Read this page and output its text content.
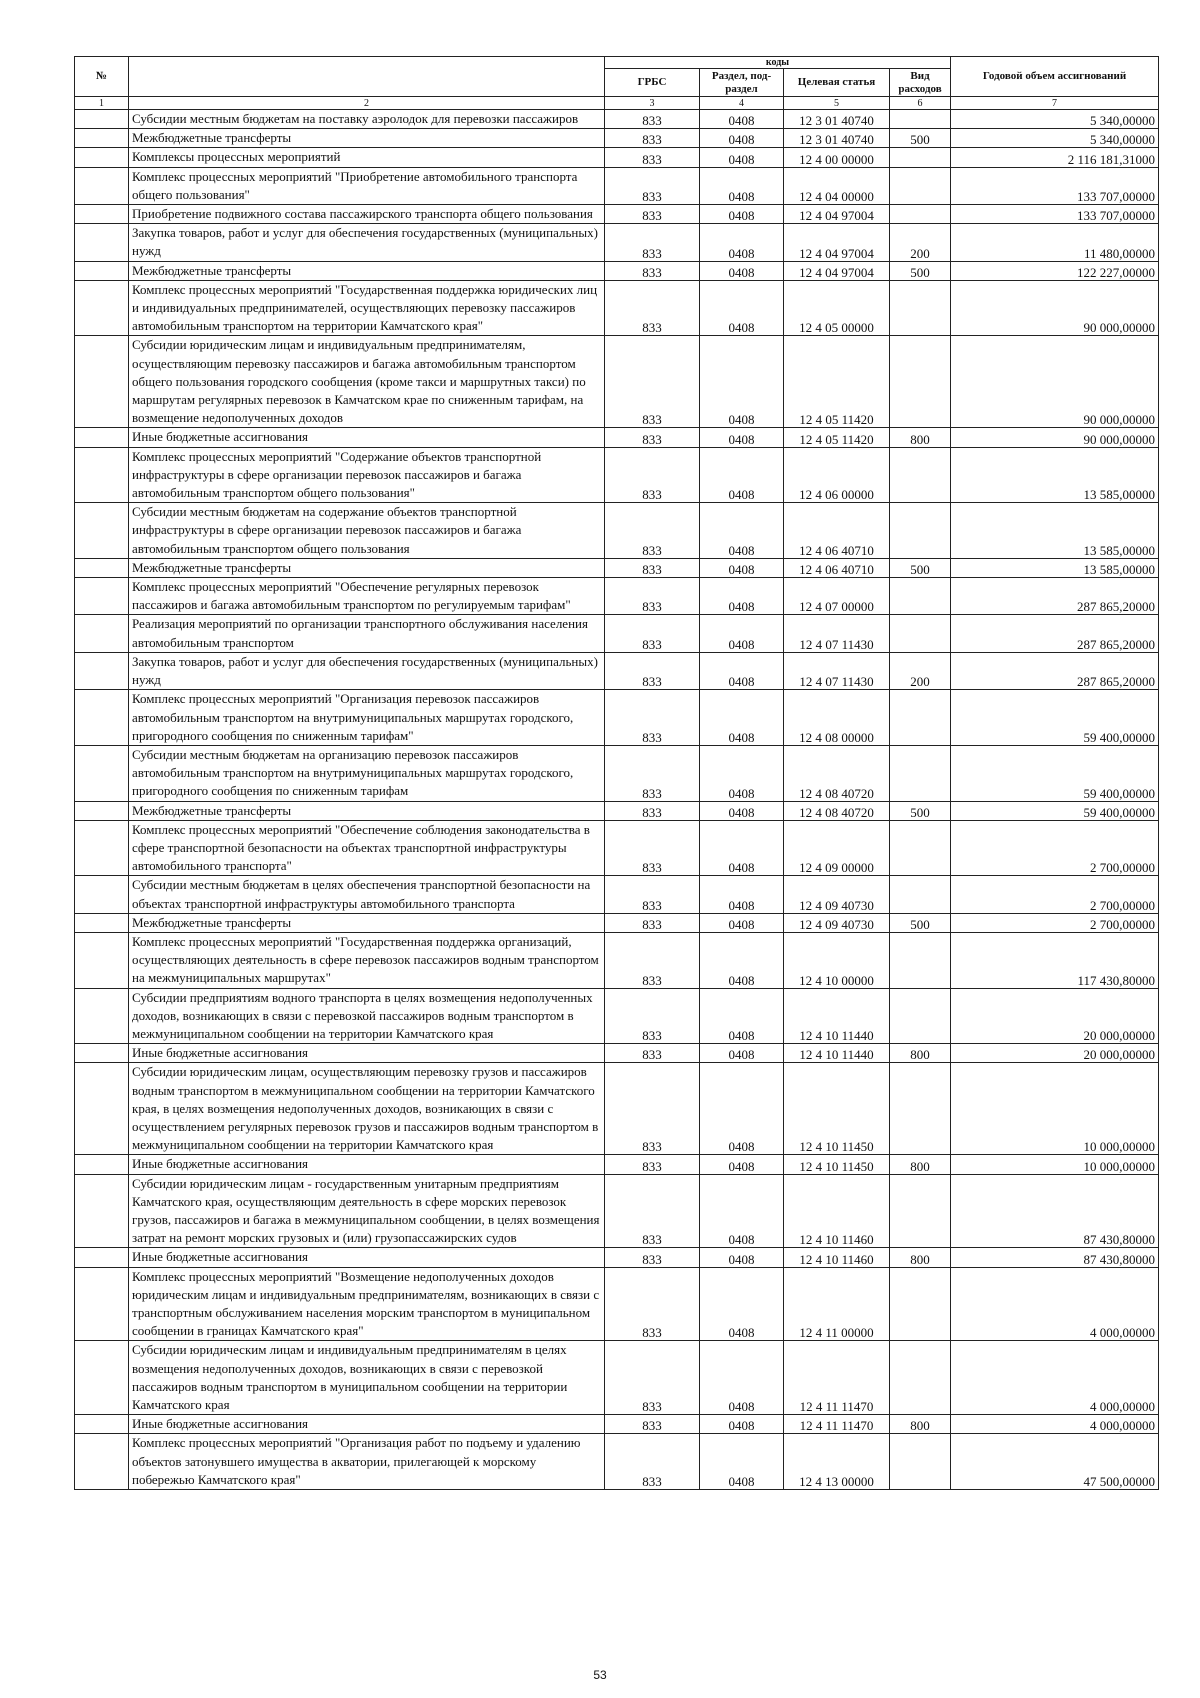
№		коды				Годовой объем ассигнований
		ГРБС	Раздел, под-раздел	Целевая статья	Вид расходов	
1	2	3	4	5	6	7
	Субсидии местным бюджетам на поставку аэролодок для перевозки пассажиров	833	0408	12 3 01 40740		5 340,00000
	Межбюджетные трансферты	833	0408	12 3 01 40740	500	5 340,00000
	Комплексы процессных мероприятий	833	0408	12 4 00 00000		2 116 181,31000
	Комплекс процессных мероприятий "Приобретение автомобильного транспорта общего пользования"	833	0408	12 4 04 00000		133 707,00000
	Приобретение подвижного состава пассажирского транспорта общего пользования	833	0408	12 4 04 97004		133 707,00000
	Закупка товаров, работ и услуг для обеспечения государственных (муниципальных) нужд	833	0408	12 4 04 97004	200	11 480,00000
	Межбюджетные трансферты	833	0408	12 4 04 97004	500	122 227,00000
	Комплекс процессных мероприятий "Государственная поддержка юридических лиц и индивидуальных предпринимателей, осуществляющих перевозку пассажиров автомобильным транспортом на территории Камчатского края"	833	0408	12 4 05 00000		90 000,00000
	Субсидии юридическим лицам и индивидуальным предпринимателям, осуществляющим перевозку пассажиров и багажа автомобильным транспортом общего пользования городского сообщения (кроме такси и маршрутных такси) по маршрутам регулярных перевозок в Камчатском крае по сниженным тарифам, на возмещение недополученных доходов	833	0408	12 4 05 11420		90 000,00000
	Иные бюджетные ассигнования	833	0408	12 4 05 11420	800	90 000,00000
	Комплекс процессных мероприятий "Содержание объектов транспортной инфраструктуры в сфере организации перевозок пассажиров и багажа автомобильным транспортом общего пользования"	833	0408	12 4 06 00000		13 585,00000
	Субсидии местным бюджетам на содержание объектов транспортной инфраструктуры в сфере организации перевозок пассажиров и багажа автомобильным транспортом общего пользования	833	0408	12 4 06 40710		13 585,00000
	Межбюджетные трансферты	833	0408	12 4 06 40710	500	13 585,00000
	Комплекс процессных мероприятий "Обеспечение регулярных перевозок пассажиров и багажа автомобильным транспортом по регулируемым тарифам"	833	0408	12 4 07 00000		287 865,20000
	Реализация мероприятий по организации транспортного обслуживания населения автомобильным транспортом	833	0408	12 4 07 11430		287 865,20000
	Закупка товаров, работ и услуг для обеспечения государственных (муниципальных) нужд	833	0408	12 4 07 11430	200	287 865,20000
	Комплекс процессных мероприятий "Организация перевозок пассажиров автомобильным транспортом на внутримуниципальных маршрутах городского, пригородного сообщения по сниженным тарифам"	833	0408	12 4 08 00000		59 400,00000
	Субсидии местным бюджетам на организацию перевозок пассажиров автомобильным транспортом на внутримуниципальных маршрутах городского, пригородного сообщения по сниженным тарифам	833	0408	12 4 08 40720		59 400,00000
	Межбюджетные трансферты	833	0408	12 4 08 40720	500	59 400,00000
	Комплекс процессных мероприятий "Обеспечение соблюдения законодательства в сфере транспортной безопасности на объектах транспортной инфраструктуры автомобильного транспорта"	833	0408	12 4 09 00000		2 700,00000
	Субсидии местным бюджетам в целях обеспечения транспортной безопасности на объектах транспортной инфраструктуры автомобильного транспорта	833	0408	12 4 09 40730		2 700,00000
	Межбюджетные трансферты	833	0408	12 4 09 40730	500	2 700,00000
	Комплекс процессных мероприятий "Государственная поддержка организаций, осуществляющих деятельность в сфере перевозок пассажиров водным транспортом на межмуниципальных маршрутах"	833	0408	12 4 10 00000		117 430,80000
	Субсидии предприятиям водного транспорта в целях возмещения недополученных доходов, возникающих в связи с перевозкой пассажиров водным транспортом в межмуниципальном сообщении на территории Камчатского края	833	0408	12 4 10 11440		20 000,00000
	Иные бюджетные ассигнования	833	0408	12 4 10 11440	800	20 000,00000
	Субсидии юридическим лицам, осуществляющим перевозку грузов и пассажиров водным транспортом в межмуниципальном сообщении на территории Камчатского края, в целях возмещения недополученных доходов, возникающих в связи с осуществлением регулярных перевозок грузов и пассажиров водным транспортом в межмуниципальном сообщении на территории Камчатского края	833	0408	12 4 10 11450		10 000,00000
	Иные бюджетные ассигнования	833	0408	12 4 10 11450	800	10 000,00000
	Субсидии юридическим лицам - государственным унитарным предприятиям Камчатского края, осуществляющим деятельность в сфере морских перевозок грузов, пассажиров и багажа в межмуниципальном сообщении, в целях возмещения затрат на ремонт морских грузовых и (или) грузопассажирских судов	833	0408	12 4 10 11460		87 430,80000
	Иные бюджетные ассигнования	833	0408	12 4 10 11460	800	87 430,80000
	Комплекс процессных мероприятий "Возмещение недополученных доходов юридическим лицам и индивидуальным предпринимателям, возникающих в связи с транспортным обслуживанием населения морским транспортом в муниципальном сообщении в границах Камчатского края"	833	0408	12 4 11 00000		4 000,00000
	Субсидии юридическим лицам и индивидуальным предпринимателям в целях возмещения недополученных доходов, возникающих в связи с перевозкой пассажиров водным транспортом в муниципальном сообщении на территории Камчатского края	833	0408	12 4 11 11470		4 000,00000
	Иные бюджетные ассигнования	833	0408	12 4 11 11470	800	4 000,00000
	Комплекс процессных мероприятий "Организация работ по подъему и удалению объектов затонувшего имущества в акватории, прилегающей к морскому побережью Камчатского края"	833	0408	12 4 13 00000		47 500,00000
53
